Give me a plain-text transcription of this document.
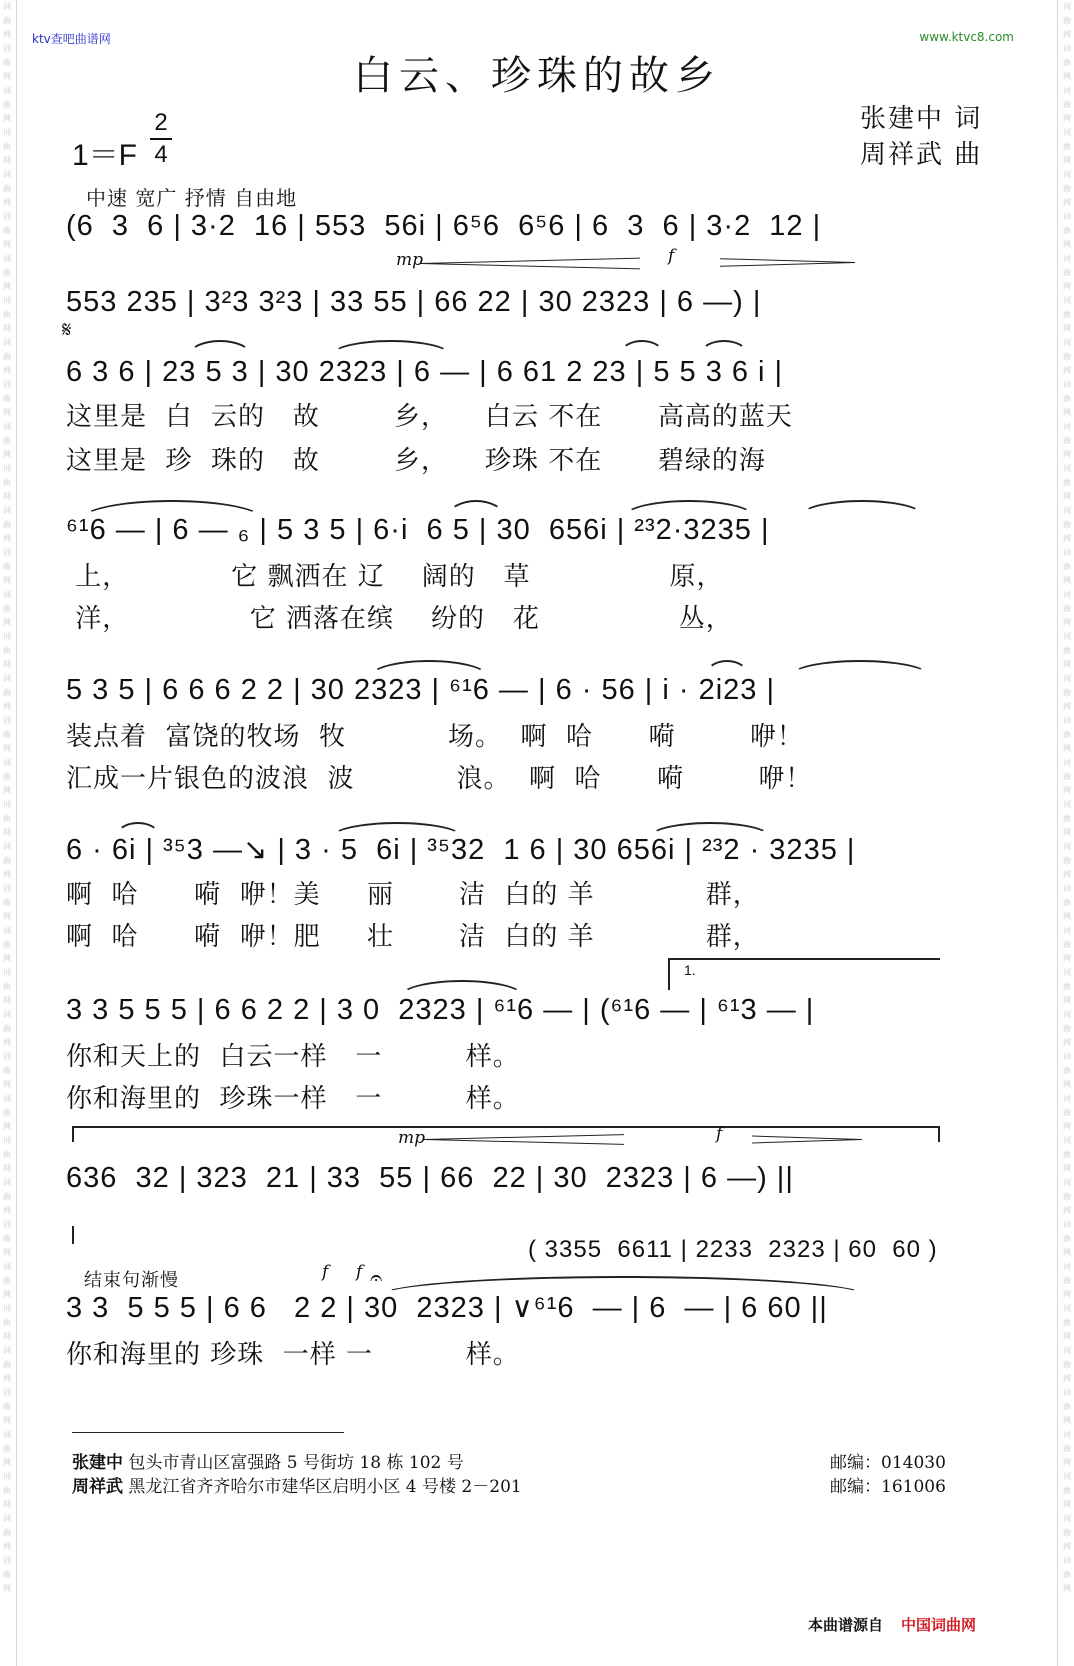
词曲网词曲网词曲网词曲网词曲网词曲网词曲网词曲网词曲网词曲网词曲网词曲网词曲网词曲网词曲网词曲网词曲网词曲网词曲网词曲网词曲网词曲网词曲网词曲网词曲网词曲网词曲网词曲网词曲网词曲网词曲网词曲网词曲网词曲网词曲网词曲网词曲网词曲网
词曲网词曲网词曲网词曲网词曲网词曲网词曲网词曲网词曲网词曲网词曲网词曲网词曲网词曲网词曲网词曲网词曲网词曲网词曲网词曲网词曲网词曲网词曲网词曲网词曲网词曲网词曲网词曲网词曲网词曲网词曲网词曲网词曲网词曲网词曲网词曲网词曲网词曲网
ktv查吧曲谱网	www.ktvc8.com
白云、珍珠的故乡
1＝F
2
4
张建中 词
周祥武 曲
中速 宽广 抒情 自由地
(6  3  6 | 3·2  16 | 553  56i | 6⁵6  6⁵6 | 6  3  6 | 3·2  12 |
mp	f
553 235 | 3²3 3²3 | 33 55 | 66 22 | 30 2323 | 6 —) |
𝄋
6 3 6 | 23 5 3 | 30 2323 | 6 — | 6 61 2 23 | 5 5 3 6 i |
这里是  白  云的   故        乡，    白云 不在      高高的蓝天
这里是  珍  珠的   故        乡，    珍珠 不在      碧绿的海
⁶¹6 — | 6 — ₆ | 5 3 5 | 6·i  6 5 | 30  656i | ²³2·3235 |
上，           它 飘洒在 辽    阔的   草               原，
洋，             它 洒落在缤    纷的   花               丛，
5 3 5 | 6 6 6 2 2 | 30 2323 | ⁶¹6 — | 6 · 56 | i · 2i23 |
装点着  富饶的牧场  牧           场。  啊  哈      嗬        咿！
汇成一片银色的波浪  波           浪。  啊  哈      嗬        咿！
6 · 6i | ³⁵3 —↘ | 3 · 5  6i | ³⁵32  1 6 | 30 656i | ²³2 · 3235 |
啊  哈      嗬  咿！美     丽       洁  白的 羊            群，
啊  哈      嗬  咿！肥     壮       洁  白的 羊            群，
1.
3 3 5 5 5 | 6 6 2 2 | 3 0  2323 | ⁶¹6 — | (⁶¹6 — | ⁶¹3 — |
你和天上的  白云一样   一         样。
你和海里的  珍珠一样   一         样。
mp	f
636  32 | 323  21 | 33  55 | 66  22 | 30  2323 | 6 —) ||
( 3355  6611 | 2233  2323 | 60  60 )
结束句渐慢	f f 𝄐
3 3  5 5 5 | 6 6   2 2 | 30  2323 | ∨⁶¹6  — | 6  — | 6 60 ||
你和海里的 珍珠  一样 一          样。
张建中 包头市青山区富强路 5 号街坊 18 栋 102 号
周祥武 黑龙江省齐齐哈尔市建华区启明小区 4 号楼 2－201
邮编：014030
邮编：161006
本曲谱源自 中国词曲网
